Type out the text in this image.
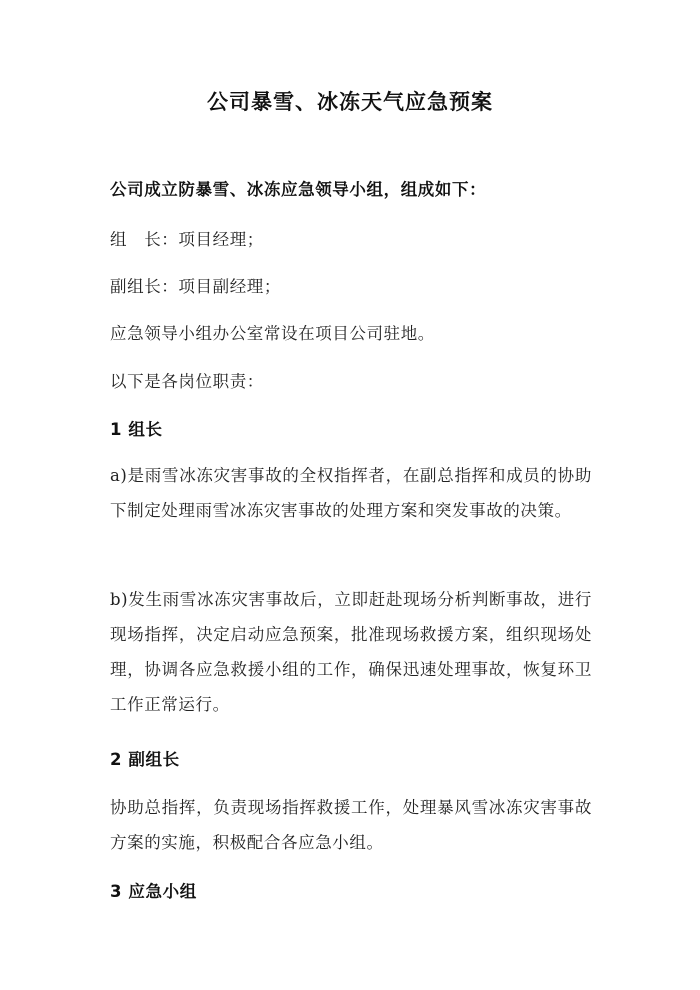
公司暴雪、冰冻天气应急预案

公司成立防暴雪、冰冻应急领导小组，组成如下：

组　长：项目经理；

副组长：项目副经理；

应急领导小组办公室常设在项目公司驻地。

以下是各岗位职责：

1 组长

a)是雨雪冰冻灾害事故的全权指挥者，在副总指挥和成员的协助下制定处理雨雪冰冻灾害事故的处理方案和突发事故的决策。

b)发生雨雪冰冻灾害事故后，立即赶赴现场分析判断事故，进行现场指挥，决定启动应急预案，批准现场救援方案，组织现场处理，协调各应急救援小组的工作，确保迅速处理事故，恢复环卫工作正常运行。

2 副组长

协助总指挥，负责现场指挥救援工作，处理暴风雪冰冻灾害事故方案的实施，积极配合各应急小组。

3 应急小组
